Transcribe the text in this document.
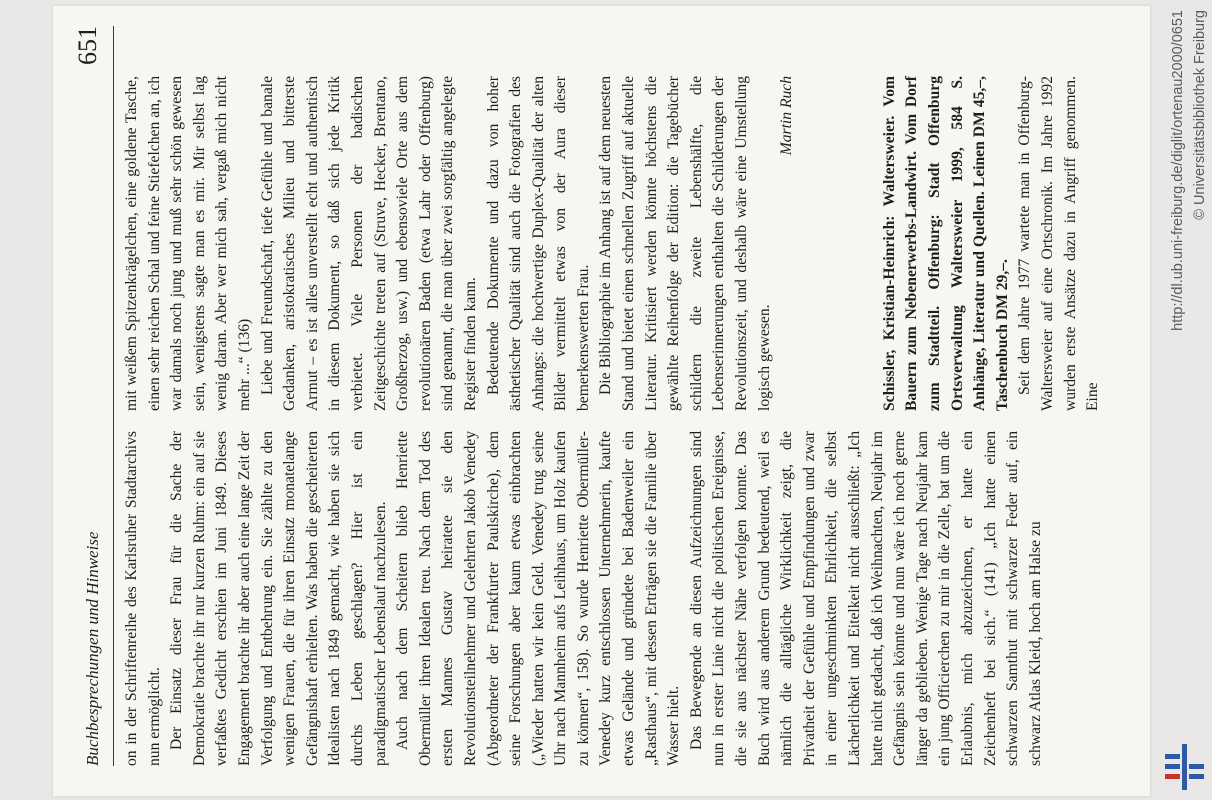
Buchbesprechungen und Hinweise
651

on in der Schriftenreihe des Karlsruher Stadtarchivs nun ermöglicht. Der Einsatz dieser Frau für die Sache der Demokratie brachte ihr nur kurzen Ruhm: ein auf sie verfaßtes Gedicht erschien im Juni 1849. Dieses Engagement brachte ihr aber auch eine lange Zeit der Verfolgung und Entbehrung ein. Sie zählte zu den wenigen Frauen, die für ihren Einsatz monatelange Gefängnishaft erhielten. Was haben die gescheiterten Idealisten nach 1849 gemacht, wie haben sie sich durchs Leben geschlagen? Hier ist ein paradigmatischer Lebenslauf nachzulesen. Auch nach dem Scheitern blieb Henriette Obermüller ihren Idealen treu. Nach dem Tod des ersten Mannes Gustav heiratete sie den Revolutionsteilnehmer und Gelehrten Jakob Venedey (Abgeordneter der Frankfurter Paulskirche), dem seine Forschungen aber kaum etwas einbrachten („Wieder hatten wir kein Geld. Venedey trug seine Uhr nach Mannheim aufs Leihhaus, um Holz kaufen zu können“, 158). So wurde Henriette Obermüller-Venedey kurz entschlossen Unternehmerin, kaufte etwas Gelände und gründete bei Badenweiler ein „Rasthaus“, mit dessen Erträgen sie die Familie über Wasser hielt. Das Bewegende an diesen Aufzeichnungen sind nun in erster Linie nicht die politischen Ereignisse, die sie aus nächster Nähe verfolgen konnte. Das Buch wird aus anderem Grund bedeutend, weil es nämlich die alltägliche Wirklichkeit zeigt, die Privatheit der Gefühle und Empfindungen und zwar in einer ungeschminkten Ehrlichkeit, die selbst Lächerlichkeit und Eitelkeit nicht ausschließt: „Ich hatte nicht gedacht, daß ich Weihnachten, Neujahr im Gefängnis sein könnte und nun wäre ich noch gerne länger da geblieben. Wenige Tage nach Neujahr kam ein jung Officierchen zu mir in die Zelle, bat um die Erlaubnis, mich abzuzeichnen, er hatte ein Zeichenheft bei sich.“ (141) „Ich hatte einen schwarzen Samthut mit schwarzer Feder auf, ein schwarz Atlas Kleid, hoch am Halse zu

mit weißem Spitzenkrägelchen, eine goldene Tasche, einen sehr reichen Schal und feine Stiefelchen an, ich war damals noch jung und muß sehr schön gewesen sein, wenigstens sagte man es mir. Mir selbst lag wenig daran. Aber wer mich sah, vergaß mich nicht mehr ...“ (136) Liebe und Freundschaft, tiefe Gefühle und banale Gedanken, aristokratisches Milieu und bitterste Armut – es ist alles unverstellt echt und authentisch in diesem Dokument, so daß sich jede Kritik verbietet. Viele Personen der badischen Zeitgeschichte treten auf (Struve, Hecker, Brentano, Großherzog, usw.) und ebensoviele Orte aus dem revolutionären Baden (etwa Lahr oder Offenburg) sind genannt, die man über zwei sorgfältig angelegte Register finden kann. Bedeutende Dokumente und dazu von hoher ästhetischer Qualität sind auch die Fotografien des Anhangs: die hochwertige Duplex-Qualität der alten Bilder vermittelt etwas von der Aura dieser bemerkenswerten Frau. Die Bibliographie im Anhang ist auf dem neuesten Stand und bietet einen schnellen Zugriff auf aktuelle Literatur. Kritisiert werden könnte höchstens die gewählte Reihenfolge der Edition: die Tagebücher schildern die zweite Lebenshälfte, die Lebenserinnerungen enthalten die Schilderungen der Revolutionszeit, und deshalb wäre eine Umstellung logisch gewesen.

Martin Ruch	Schissler, Kristian-Heinrich: Waltersweier. Vom Bauern zum Nebenerwerbs-Landwirt. Vom Dorf zum Stadtteil. Offenburg: Stadt Offenburg Ortsverwaltung Waltersweier 1999, 584 S. Anhänge, Literatur und Quellen. Leinen DM 45,–, Taschenbuch DM 29,–. Seit dem Jahre 1977 wartete man in Offenburg-Waltersweier auf eine Ortschronik. Im Jahre 1992 wurden erste Ansätze dazu in Angriff genommen. Eine

http://dl.ub.uni-freiburg.de/diglit/ortenau2000/0651 © Universitätsbibliothek Freiburg
